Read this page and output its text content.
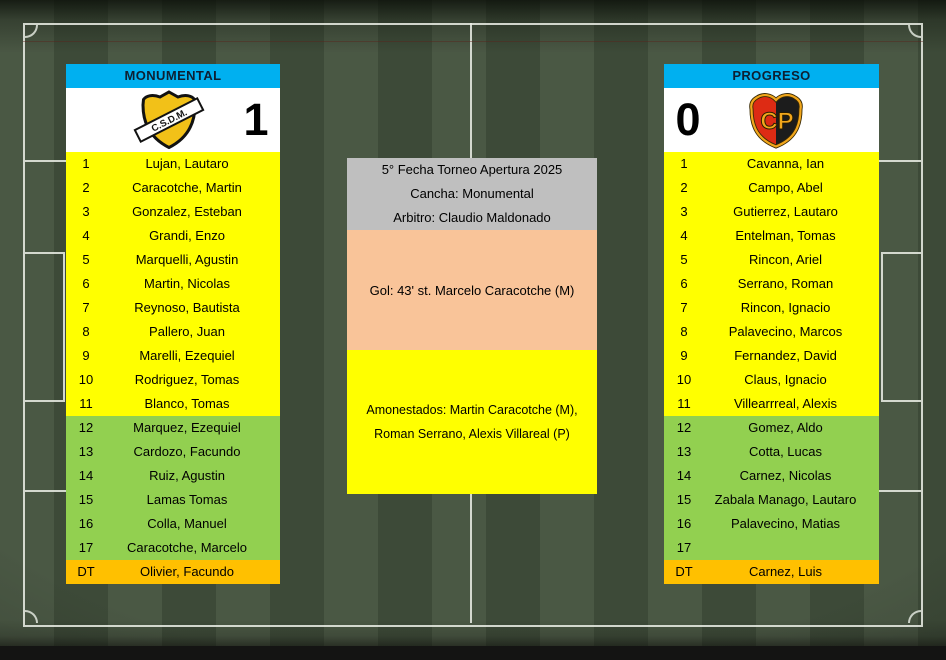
MONUMENTAL
C.S.D.M. 1
1	Lujan, Lautaro
2	Caracotche, Martin
3	Gonzalez, Esteban
4	Grandi, Enzo
5	Marquelli, Agustin
6	Martin, Nicolas
7	Reynoso, Bautista
8	Pallero, Juan
9	Marelli, Ezequiel
10	Rodriguez, Tomas
11	Blanco, Tomas
12	Marquez, Ezequiel
13	Cardozo, Facundo
14	Ruiz, Agustin
15	Lamas Tomas
16	Colla, Manuel
17	Caracotche, Marcelo
DT	Olivier, Facundo
5° Fecha Torneo Apertura 2025
Cancha: Monumental
Arbitro: Claudio Maldonado
Gol: 43' st. Marcelo Caracotche (M)
Amonestados: Martin Caracotche (M), Roman Serrano, Alexis Villareal (P)
PROGRESO
0	CP
1	Cavanna, Ian
2	Campo, Abel
3	Gutierrez, Lautaro
4	Entelman, Tomas
5	Rincon, Ariel
6	Serrano, Roman
7	Rincon, Ignacio
8	Palavecino, Marcos
9	Fernandez, David
10	Claus, Ignacio
11	Villearrreal, Alexis
12	Gomez, Aldo
13	Cotta, Lucas
14	Carnez, Nicolas
15	Zabala Manago, Lautaro
16	Palavecino, Matias
17
DT	Carnez, Luis
